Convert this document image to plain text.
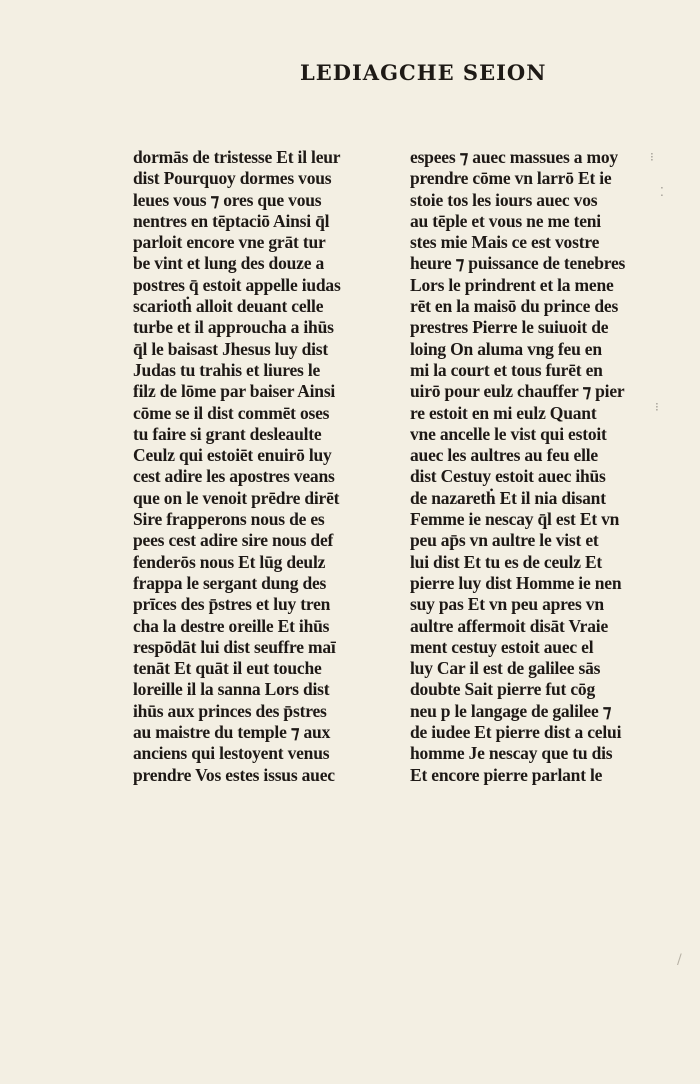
LEDIAGCHE SEION
dormās de tristesse Et il leur
dist Pourquoy dormes vous
leues vous ⁊ ores que vous
nentres en tēptaciō Ainsi q̄l
parloit encore vne grāt tur
be vint et lung des douze a
postres q̄ estoit appelle iudas
scariotḣ alloit deuant celle
turbe et il approucha a ihūs
q̄l le baisast Jhesus luy dist
Judas tu trahis et liures le
filz de lōme par baiser Ainsi
cōme se il dist commēt oses
tu faire si grant desleaulte
Ceulz qui estoiēt enuirō luy
cest adire les apostres veans
que on le venoit prēdre dirēt
Sire frapperons nous de es
pees cest adire sire nous def
fenderōs nous Et lūg deulz
frappa le sergant dung des
prīces des p̄stres et luy tren
cha la destre oreille Et ihūs
respōdāt lui dist seuffre maī
tenāt Et quāt il eut touche
loreille il la sanna Lors dist
ihūs aux princes des p̄stres
au maistre du temple ⁊ aux
anciens qui lestoyent venus
prendre Vos estes issus auec
espees ⁊ auec massues a moy
prendre cōme vn larrō Et ie
stoie tos les iours auec vos
au tēple et vous ne me teni
stes mie Mais ce est vostre
heure ⁊ puissance de tenebres
Lors le prindrent et la mene
rēt en la maisō du prince des
prestres Pierre le suiuoit de
loing On aluma vng feu en
mi la court et tous furēt en
uirō pour eulz chauffer ⁊ pier
re estoit en mi eulz Quant
vne ancelle le vist qui estoit
auec les aultres au feu elle
dist Cestuy estoit auec ihūs
de nazaretḣ Et il nia disant
Femme ie nescay q̄l est Et vn
peu ap̄s vn aultre le vist et
lui dist Et tu es de ceulz Et
pierre luy dist Homme ie nen
suy pas Et vn peu apres vn
aultre affermoit disāt Vraie
ment cestuy estoit auec el
luy Car il est de galilee sās
doubte Sait pierre fut cōg
neu p le langage de galilee ⁊
de iudee Et pierre dist a celui
homme Je nescay que tu dis
Et encore pierre parlant le
⁝
⁚
⁝
/
